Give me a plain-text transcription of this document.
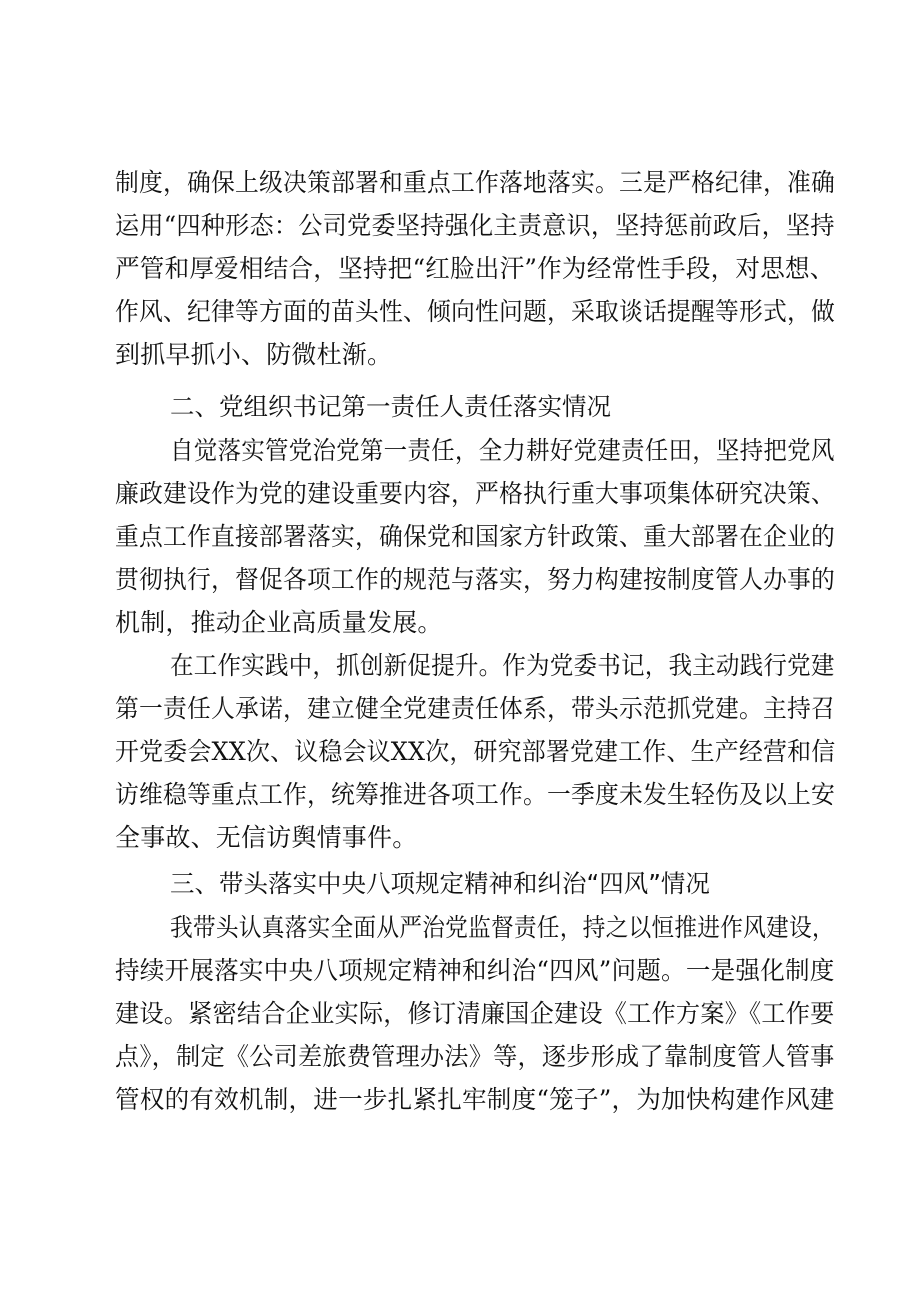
制度，确保上级决策部署和重点工作落地落实。三是严格纪律，准确
运用“四种形态：公司党委坚持强化主责意识，坚持惩前政后，坚持
严管和厚爱相结合，坚持把“红脸出汗”作为经常性手段，对思想、
作风、纪律等方面的苗头性、倾向性问题，采取谈话提醒等形式，做
到抓早抓小、防微杜渐。
二、党组织书记第一责任人责任落实情况
自觉落实管党治党第一责任，全力耕好党建责任田，坚持把党风
廉政建设作为党的建设重要内容，严格执行重大事项集体研究决策、
重点工作直接部署落实，确保党和国家方针政策、重大部署在企业的
贯彻执行，督促各项工作的规范与落实，努力构建按制度管人办事的
机制，推动企业高质量发展。
在工作实践中，抓创新促提升。作为党委书记，我主动践行党建
第一责任人承诺，建立健全党建责任体系，带头示范抓党建。主持召
开党委会XX次、议稳会议XX次，研究部署党建工作、生产经营和信
访维稳等重点工作，统筹推进各项工作。一季度未发生轻伤及以上安
全事故、无信访舆情事件。
三、带头落实中央八项规定精神和纠治“四风”情况
我带头认真落实全面从严治党监督责任，持之以恒推进作风建设，
持续开展落实中央八项规定精神和纠治“四风”问题。一是强化制度
建设。紧密结合企业实际，修订清廉国企建设《工作方案》《工作要
点》，制定《公司差旅费管理办法》等，逐步形成了靠制度管人管事
管权的有效机制，进一步扎紧扎牢制度“笼子”，为加快构建作风建
